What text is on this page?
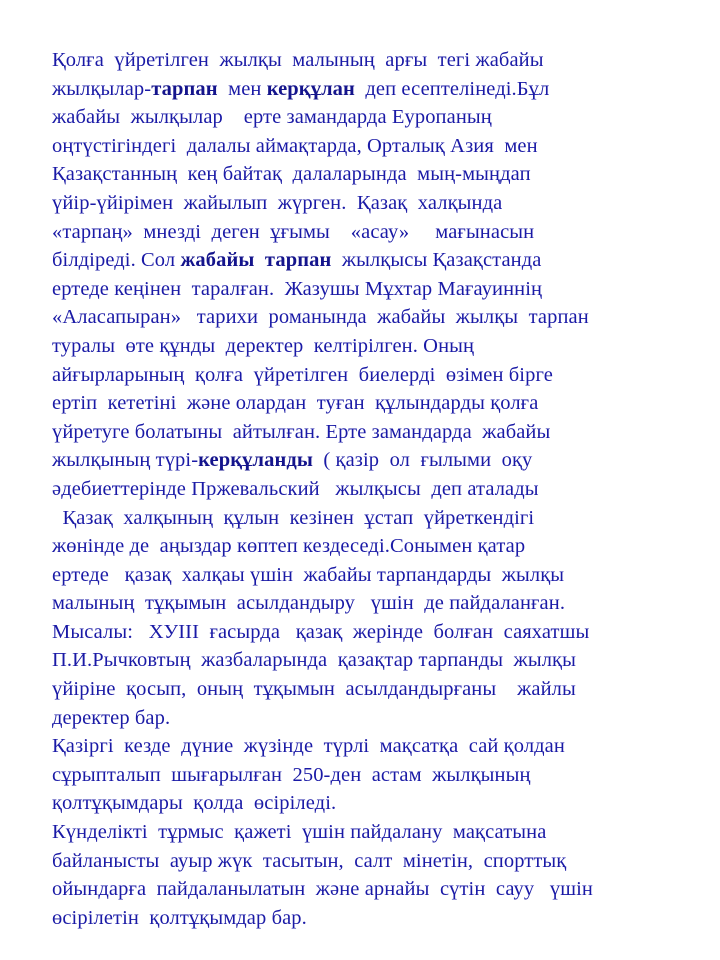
Қолға  үйретілген  жылқы  малының  арғы  тегі жабайы
жылқылар-тарпан  мен керқұлан  деп есептелінеді.Бұл
жабайы  жылқылар    ерте замандарда Еуропаның
оңтүстігіндегі  далалы аймақтарда, Орталық Азия  мен
Қазақстанның  кең байтақ  далаларында  мың-мыңдап
үйір-үйірімен  жайылып  жүрген.  Қазақ  халқында
«тарпаң»  мнезді  деген  ұғымы    «асау»     мағынасын
білдіреді. Сол жабайы  тарпан  жылқысы Қазақстанда
ертеде кеңінен  таралған.  Жазушы Мұхтар Мағауиннің
«Аласапыран»   тарихи  романында  жабайы  жылқы  тарпан
туралы  өте құнды  деректер  келтірілген. Оның
айғырларының  қолға  үйретілген  биелерді  өзімен бірге
ертіп  кететіні  және олардан  туған  құлындарды қолға
үйретуге болатыны  айтылған. Ерте замандарда  жабайы
жылқының түрі-керқұланды  ( қазір  ол  ғылыми  оқу
әдебиеттерінде Пржевальский   жылқысы  деп аталады
Қазақ  халқының  құлын  кезінен  ұстап  үйреткендігі
жөнінде де  аңыздар көптеп кездеседі.Сонымен қатар
ертеде   қазақ  халқаы үшін  жабайы тарпандарды  жылқы
малының  тұқымын  асылдандыру   үшін  де пайдаланған.
Мысалы:   ХУІІІ  ғасырда   қазақ  жерінде  болған  саяхатшы
П.И.Рычковтың  жазбаларында  қазақтар тарпанды  жылқы
үйіріне  қосып,  оның  тұқымын  асылдандырғаны    жайлы
деректер бар.
Қазіргі  кезде  дүние  жүзінде  түрлі  мақсатқа  сай қолдан
сұрыпталып  шығарылған  250-ден  астам  жылқының
қолтұқымдары  қолда  өсіріледі.
Күнделікті  тұрмыс  қажеті  үшін пайдалану  мақсатына
байланысты  ауыр жүк  тасытын,  салт  мінетін,  спорттық
ойындарға  пайдаланылатын  және арнайы  сүтін  сауу   үшін
өсірілетін  қолтұқымдар бар.
